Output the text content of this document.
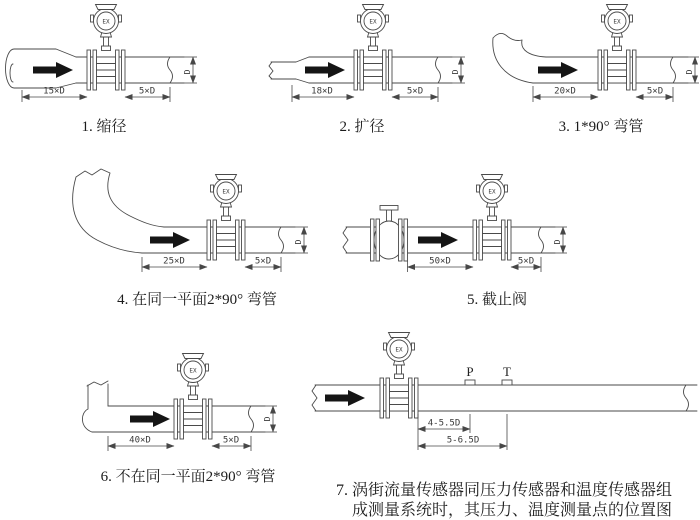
EX
15×D	5×D
D
1. 缩径
EX
18×D	5×D
D
2. 扩径
EX
20×D	5×D
D
3. 1*90° 弯管
EX
25×D	5×D
D
4. 在同一平面2*90° 弯管
EX
50×D	5×D
D
5. 截止阀
EX
40×D	5×D
D
6. 不在同一平面2*90° 弯管
EX
P T
4-5.5D
5-6.5D
7. 涡街流量传感器同压力传感器和温度传感器组
成测量系统时，其压力、温度测量点的位置图
